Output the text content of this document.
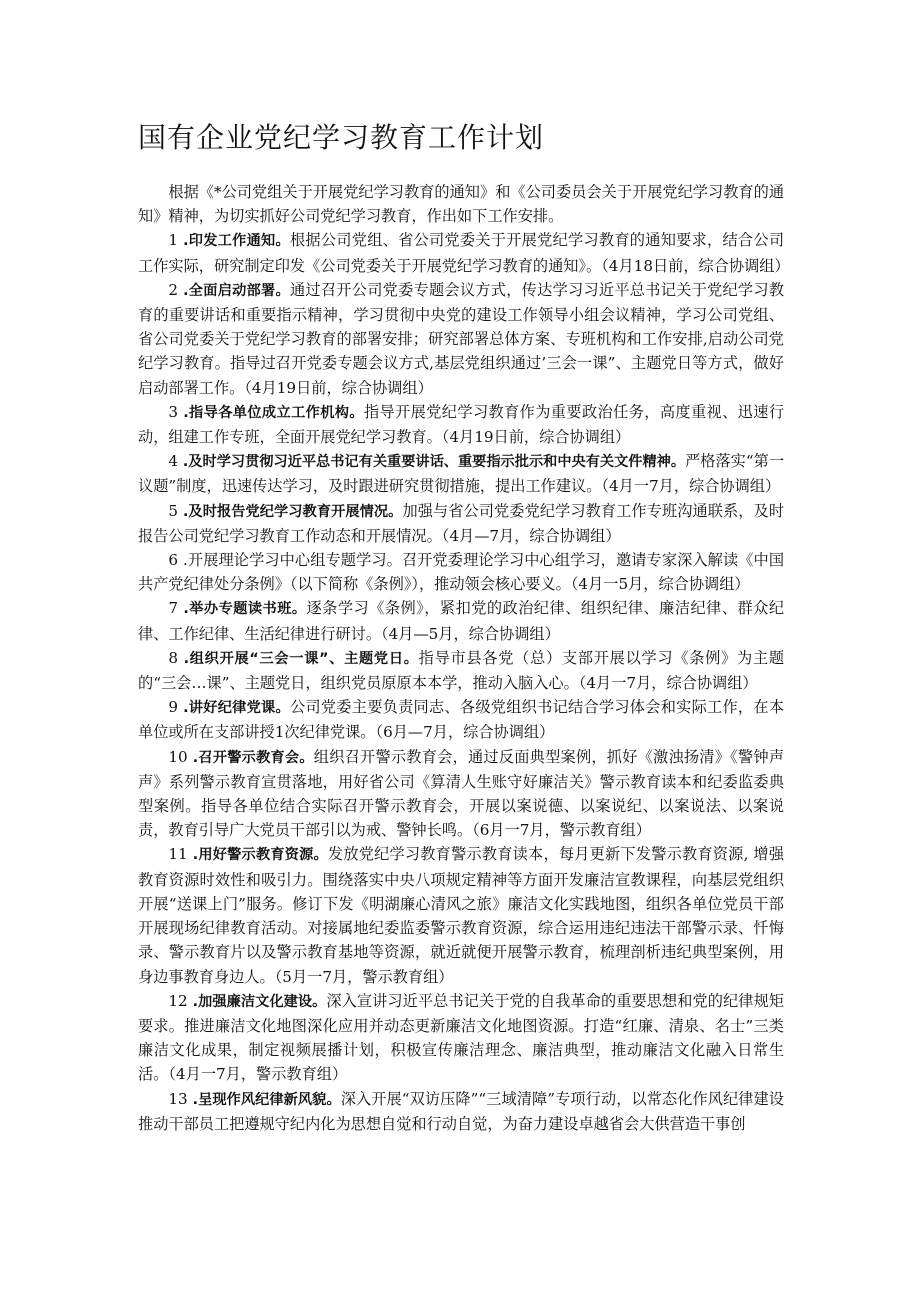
国有企业党纪学习教育工作计划

根据《*公司党组关于开展党纪学习教育的通知》和《公司委员会关于开展党纪学习教育的通知》精神，为切实抓好公司党纪学习教育，作出如下工作安排。

1 .印发工作通知。根据公司党组、省公司党委关于开展党纪学习教育的通知要求，结合公司工作实际，研究制定印发《公司党委关于开展党纪学习教育的通知》。（4月18日前，综合协调组）

2 .全面启动部署。通过召开公司党委专题会议方式，传达学习习近平总书记关于党纪学习教育的重要讲话和重要指示精神，学习贯彻中央党的建设工作领导小组会议精神，学习公司党组、省公司党委关于党纪学习教育的部署安排；研究部署总体方案、专班机构和工作安排,启动公司党纪学习教育。指导过召开党委专题会议方式,基层党组织通过’三会一课”、主题党日等方式，做好启动部署工作。（4月19日前，综合协调组）

3 .指导各单位成立工作机构。指导开展党纪学习教育作为重要政治任务，高度重视、迅速行动，组建工作专班，全面开展党纪学习教育。（4月19日前，综合协调组）

4 .及时学习贯彻习近平总书记有关重要讲话、重要指示批示和中央有关文件精神。严格落实“第一议题”制度，迅速传达学习，及时跟进研究贯彻措施，提出工作建议。（4月一7月，综合协调组）

5 .及时报告党纪学习教育开展情况。加强与省公司党委党纪学习教育工作专班沟通联系，及时报告公司党纪学习教育工作动态和开展情况。（4月—7月，综合协调组）

6 .开展理论学习中心组专题学习。召开党委理论学习中心组学习，邀请专家深入解读《中国共产党纪律处分条例》（以下简称《条例》），推动领会核心要义。（4月一5月，综合协调组）

7 .举办专题读书班。逐条学习《条例》，紧扣党的政治纪律、组织纪律、廉洁纪律、群众纪律、工作纪律、生活纪律进行研讨。（4月—5月，综合协调组）

8 .组织开展“三会一课”、主题党日。指导市县各党（总）支部开展以学习《条例》为主题的“三会…课”、主题党日，组织党员原原本本学，推动入脑入心。（4月一7月，综合协调组）

9 .讲好纪律党课。公司党委主要负责同志、各级党组织书记结合学习体会和实际工作，在本单位或所在支部讲授1次纪律党课。（6月—7月，综合协调组）

10 .召开警示教育会。组织召开警示教育会，通过反面典型案例，抓好《激浊扬清》《警钟声声》系列警示教育宣贯落地，用好省公司《算清人生账守好廉洁关》警示教育读本和纪委监委典型案例。指导各单位结合实际召开警示教育会，开展以案说德、以案说纪、以案说法、以案说责，教育引导广大党员干部引以为戒、警钟长鸣。（6月一7月，警示教育组）

11 .用好警示教育资源。发放党纪学习教育警示教育读本，每月更新下发警示教育资源, 增强教育资源时效性和吸引力。围绕落实中央八项规定精神等方面开发廉洁宣教课程，向基层党组织开展“送课上门”服务。修订下发《明湖廉心清风之旅》廉洁文化实践地图，组织各单位党员干部开展现场纪律教育活动。对接属地纪委监委警示教育资源，综合运用违纪违法干部警示录、忏悔录、警示教育片以及警示教育基地等资源，就近就便开展警示教育，梳理剖析违纪典型案例，用身边事教育身边人。（5月一7月，警示教育组）

12 .加强廉洁文化建设。深入宣讲习近平总书记关于党的自我革命的重要思想和党的纪律规矩要求。推进廉洁文化地图深化应用并动态更新廉洁文化地图资源。打造“红廉、清泉、名士”三类廉洁文化成果，制定视频展播计划，积极宣传廉洁理念、廉洁典型，推动廉洁文化融入日常生活。（4月一7月，警示教育组）

13 .呈现作风纪律新风貌。深入开展“双访压降”“三域清障”专项行动，以常态化作风纪律建设推动干部员工把遵规守纪内化为思想自觉和行动自觉，为奋力建设卓越省会大供营造干事创
